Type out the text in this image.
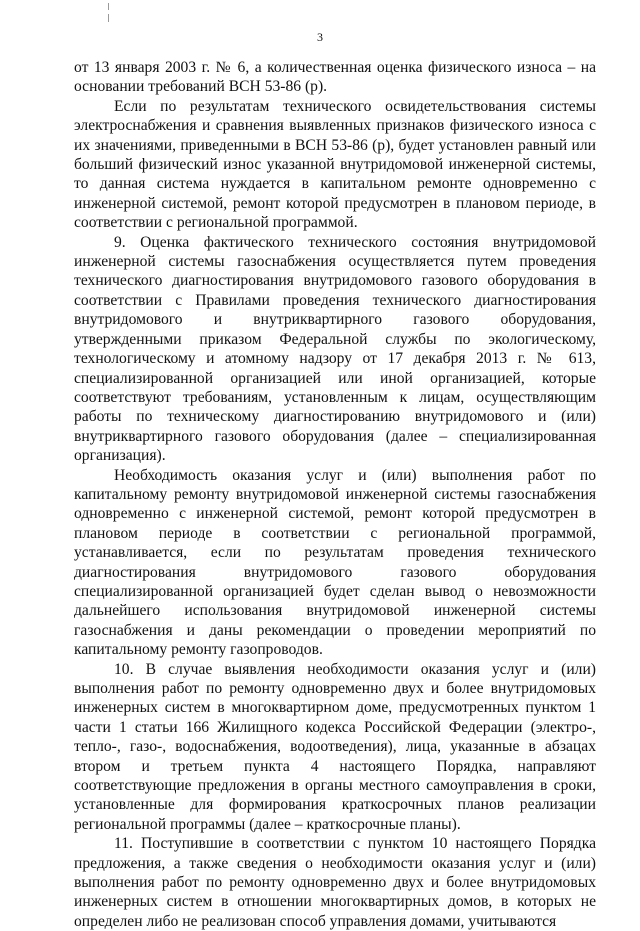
3

от 13 января 2003 г. № 6, а количественная оценка физического износа – на основании требований ВСН 53-86 (р).

Если по результатам технического освидетельствования системы электроснабжения и сравнения выявленных признаков физического износа с их значениями, приведенными в ВСН 53-86 (р), будет установлен равный или больший физический износ указанной внутридомовой инженерной системы, то данная система нуждается в капитальном ремонте одновременно с инженерной системой, ремонт которой предусмотрен в плановом периоде, в соответствии с региональной программой.

9. Оценка фактического технического состояния внутридомовой инженерной системы газоснабжения осуществляется путем проведения технического диагностирования внутридомового газового оборудования в соответствии с Правилами проведения технического диагностирования внутридомового и внутриквартирного газового оборудования, утвержденными приказом Федеральной службы по экологическому, технологическому и атомному надзору от 17 декабря 2013 г. № 613, специализированной организацией или иной организацией, которые соответствуют требованиям, установленным к лицам, осуществляющим работы по техническому диагностированию внутридомового и (или) внутриквартирного газового оборудования (далее – специализированная организация).

Необходимость оказания услуг и (или) выполнения работ по капитальному ремонту внутридомовой инженерной системы газоснабжения одновременно с инженерной системой, ремонт которой предусмотрен в плановом периоде в соответствии с региональной программой, устанавливается, если по результатам проведения технического диагностирования внутридомового газового оборудования специализированной организацией будет сделан вывод о невозможности дальнейшего использования внутридомовой инженерной системы газоснабжения и даны рекомендации о проведении мероприятий по капитальному ремонту газопроводов.

10. В случае выявления необходимости оказания услуг и (или) выполнения работ по ремонту одновременно двух и более внутридомовых инженерных систем в многоквартирном доме, предусмотренных пунктом 1 части 1 статьи 166 Жилищного кодекса Российской Федерации (электро-, тепло-, газо-, водоснабжения, водоотведения), лица, указанные в абзацах втором и третьем пункта 4 настоящего Порядка, направляют соответствующие предложения в органы местного самоуправления в сроки, установленные для формирования краткосрочных планов реализации региональной программы (далее – краткосрочные планы).

11. Поступившие в соответствии с пунктом 10 настоящего Порядка предложения, а также сведения о необходимости оказания услуг и (или) выполнения работ по ремонту одновременно двух и более внутридомовых инженерных систем в отношении многоквартирных домов, в которых не определен либо не реализован способ управления домами, учитываются
